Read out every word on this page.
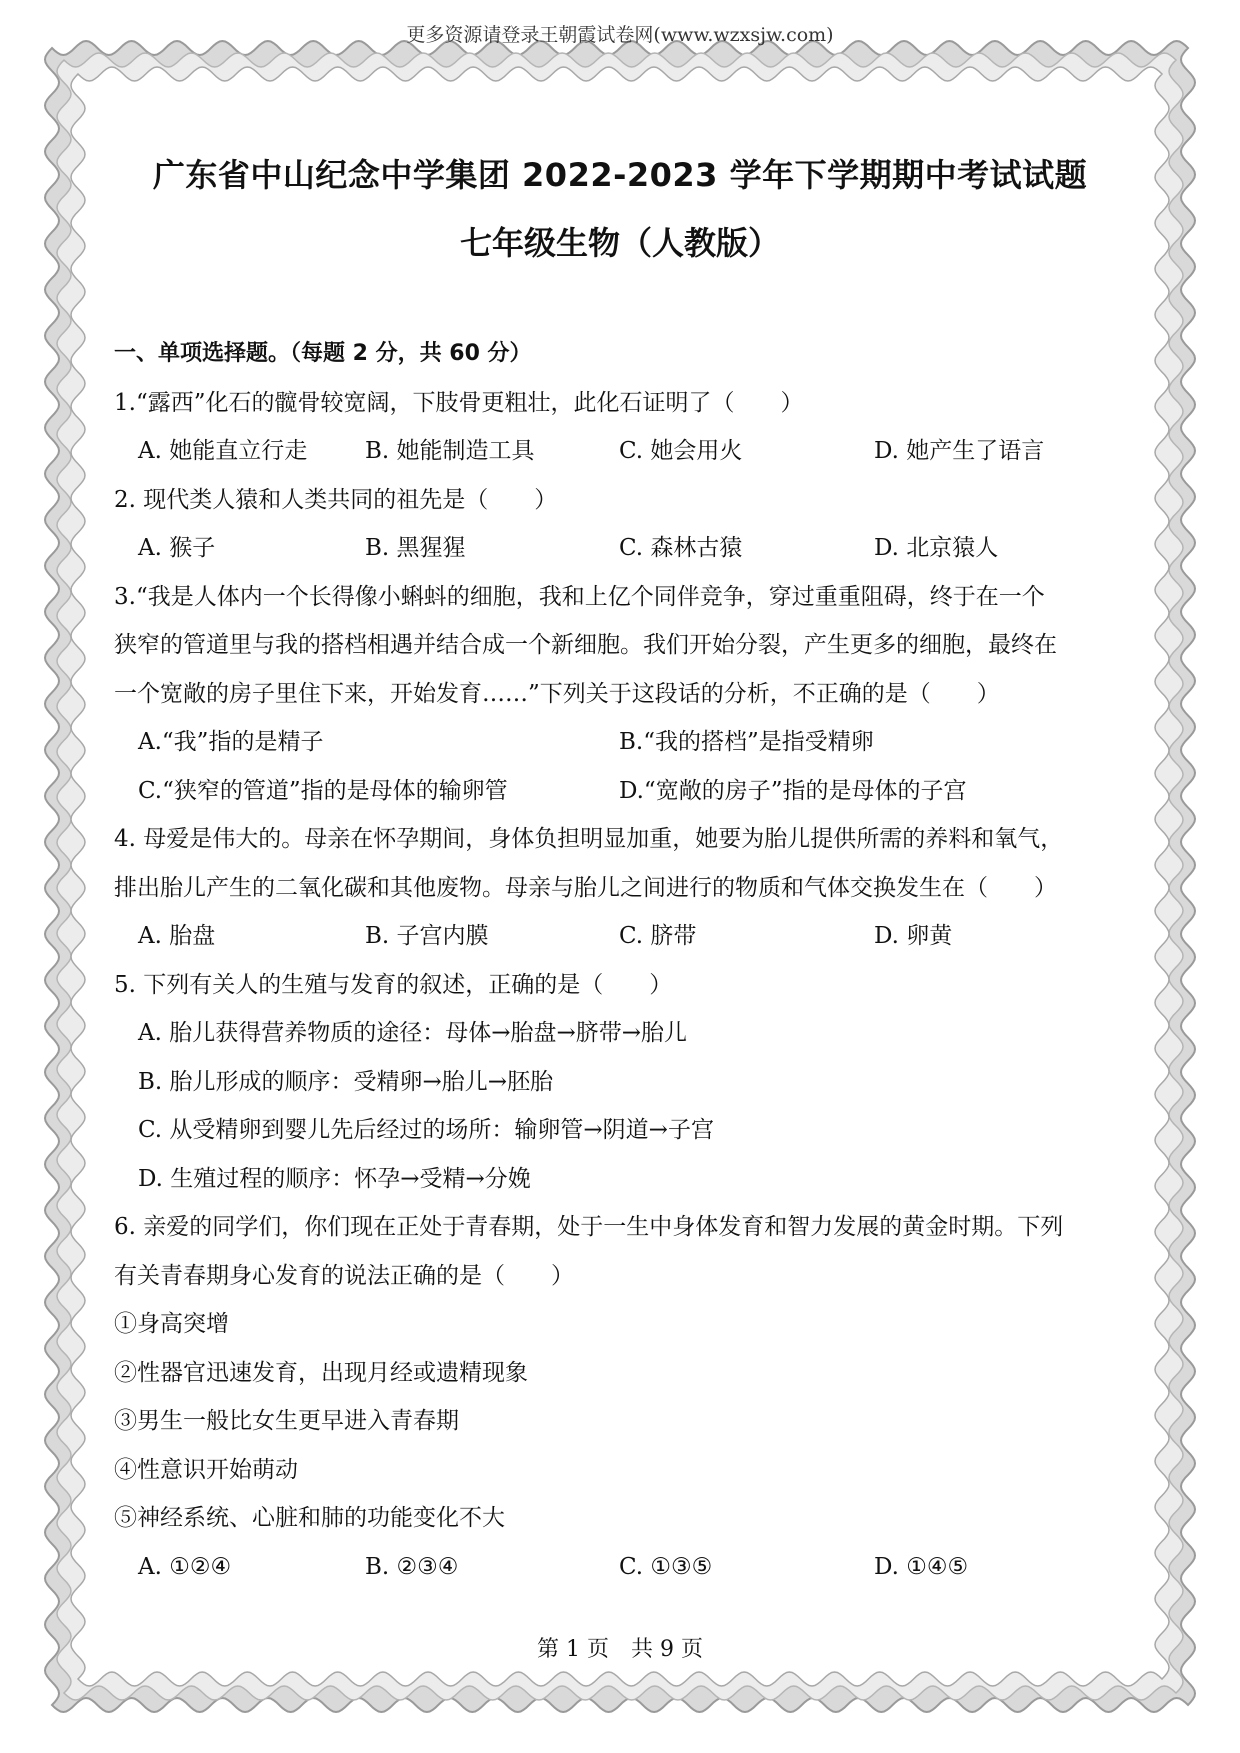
更多资源请登录王朝霞试卷网(www.wzxsjw.com)
广东省中山纪念中学集团 2022-2023 学年下学期期中考试试题
七年级生物（人教版）
一、单项选择题。（每题 2 分，共 60 分）
1.“露西”化石的髋骨较宽阔，下肢骨更粗壮，此化石证明了（　　）
A. 她能直立行走	B. 她能制造工具	C. 她会用火	D. 她产生了语言
2. 现代类人猿和人类共同的祖先是（　　）
A. 猴子	B. 黑猩猩	C. 森林古猿	D. 北京猿人
3.“我是人体内一个长得像小蝌蚪的细胞，我和上亿个同伴竞争，穿过重重阻碍，终于在一个
狭窄的管道里与我的搭档相遇并结合成一个新细胞。我们开始分裂，产生更多的细胞，最终在
一个宽敞的房子里住下来，开始发育……”下列关于这段话的分析，不正确的是（　　）
A.“我”指的是精子	B.“我的搭档”是指受精卵
C.“狭窄的管道”指的是母体的输卵管	D.“宽敞的房子”指的是母体的子宫
4. 母爱是伟大的。母亲在怀孕期间，身体负担明显加重，她要为胎儿提供所需的养料和氧气，
排出胎儿产生的二氧化碳和其他废物。母亲与胎儿之间进行的物质和气体交换发生在（　　）
A. 胎盘	B. 子宫内膜	C. 脐带	D. 卵黄
5. 下列有关人的生殖与发育的叙述，正确的是（　　）
A. 胎儿获得营养物质的途径：母体→胎盘→脐带→胎儿
B. 胎儿形成的顺序：受精卵→胎儿→胚胎
C. 从受精卵到婴儿先后经过的场所：输卵管→阴道→子宫
D. 生殖过程的顺序：怀孕→受精→分娩
6. 亲爱的同学们，你们现在正处于青春期，处于一生中身体发育和智力发展的黄金时期。下列
有关青春期身心发育的说法正确的是（　　）
①身高突增
②性器官迅速发育，出现月经或遗精现象
③男生一般比女生更早进入青春期
④性意识开始萌动
⑤神经系统、心脏和肺的功能变化不大
A. ①②④	B. ②③④	C. ①③⑤	D. ①④⑤
第 1 页　共 9 页
